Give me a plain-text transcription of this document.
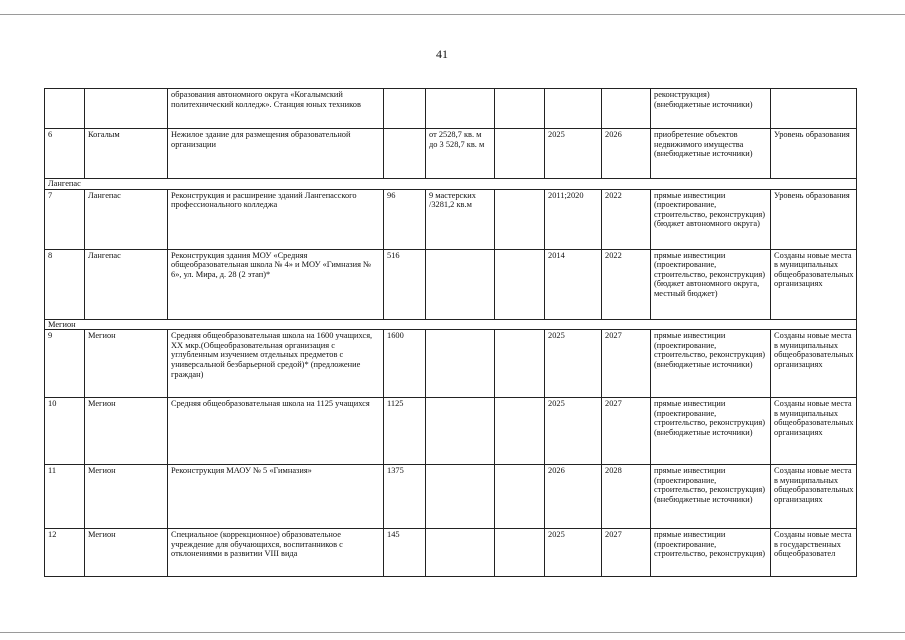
41
		образования автономного округа «Когалымский политехнический колледж». Станция юных техников						реконструкция) (внебюджетные источники)	
6	Когалым	Нежилое здание для размещения образовательной организации		от 2528,7 кв. м до 3 528,7 кв. м		2025	2026	приобретение объектов недвижимого имущества (внебюджетные источники)	Уровень образования
Лангепас									
7	Лангепас	Реконструкция и расширение зданий Лангепасского профессионального колледжа	96	9 мастерских /3281,2 кв.м		2011;2020	2022	прямые инвестиции (проектирование, строительство, реконструкция) (бюджет автономного округа)	Уровень образования
8	Лангепас	Реконструкция здания МОУ «Средняя общеобразовательная школа № 4» и МОУ «Гимназия № 6», ул. Мира, д. 28 (2 этап)*	516			2014	2022	прямые инвестиции (проектирование, строительство, реконструкция) (бюджет автономного округа, местный бюджет)	Созданы новые места в муниципальных общеобразовательных организациях
Мегион									
9	Мегион	Средняя общеобразовательная школа на 1600 учащихся, XX мкр.(Общеобразовательная организация с углубленным изучением отдельных предметов с универсальной безбарьерной средой)* (предложение граждан)	1600			2025	2027	прямые инвестиции (проектирование, строительство, реконструкция) (внебюджетные источники)	Созданы новые места в муниципальных общеобразовательных организациях
10	Мегион	Средняя общеобразовательная школа на 1125 учащихся	1125			2025	2027	прямые инвестиции (проектирование, строительство, реконструкция) (внебюджетные источники)	Созданы новые места в муниципальных общеобразовательных организациях
11	Мегион	Реконструкция МАОУ № 5 «Гимназия»	1375			2026	2028	прямые инвестиции (проектирование, строительство, реконструкция) (внебюджетные источники)	Созданы новые места в муниципальных общеобразовательных организациях
12	Мегион	Специальное (коррекционное) образовательное учреждение для обучающихся, воспитанников с отклонениями в развитии VIII вида	145			2025	2027	прямые инвестиции (проектирование, строительство, реконструкция)	Созданы новые места в государственных общеобразовател
